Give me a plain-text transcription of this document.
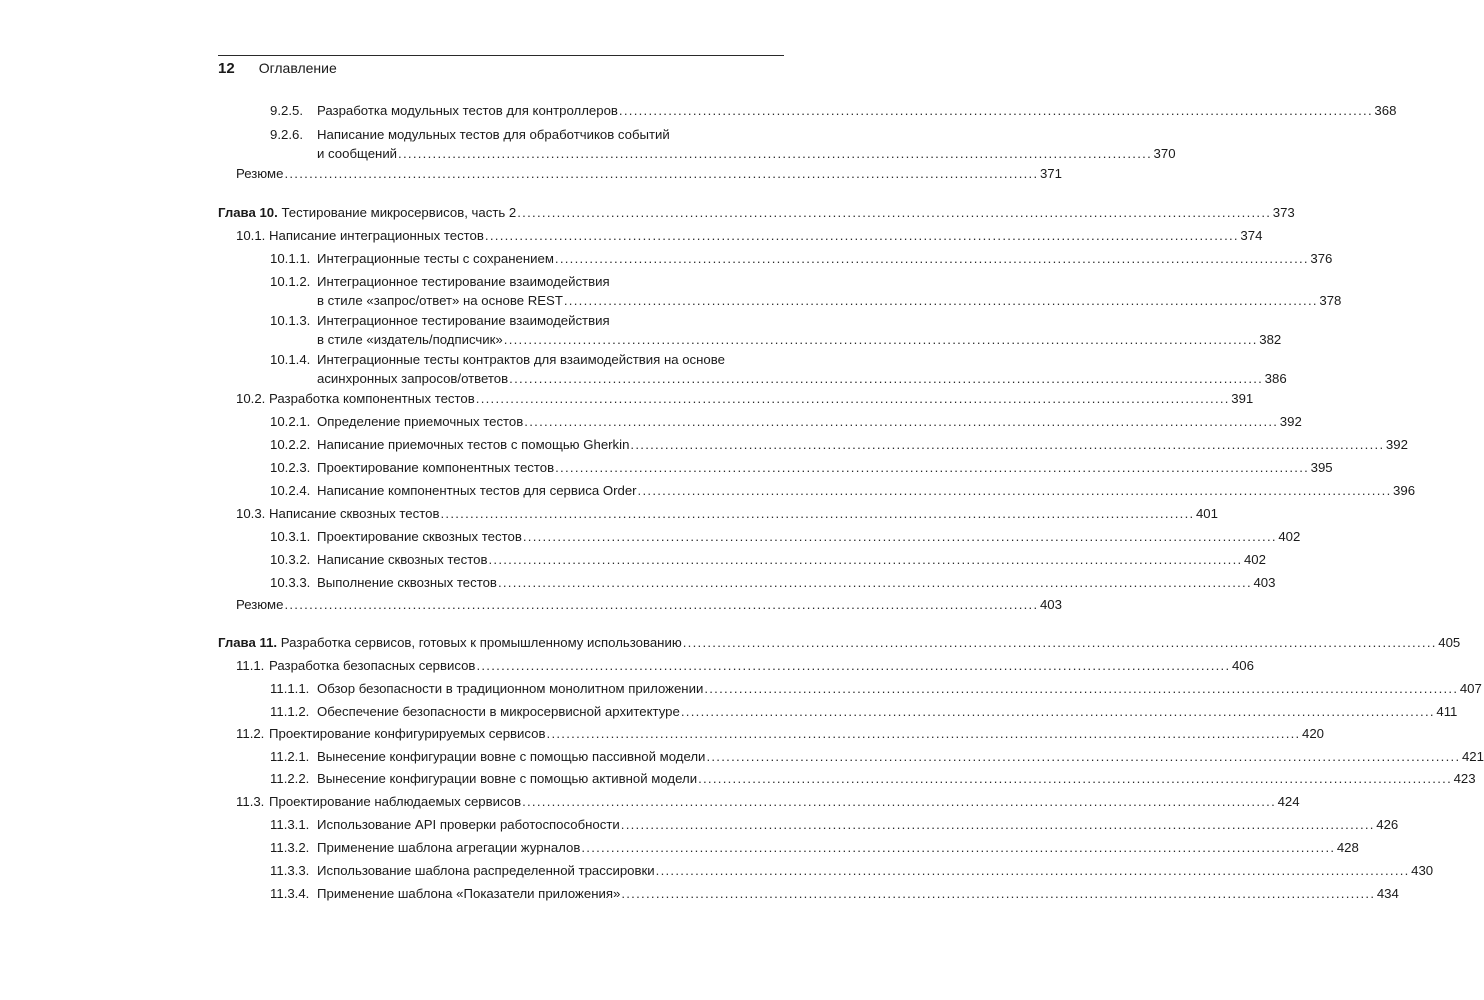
12 Оглавление
9.2.5.	Разработка модульных тестов для контроллеров . . .	368
9.2.6.	Написание модульных тестов для обработчиков событий
и сообщений . . .	370
Резюме . . .	371
Глава 10.
Тестирование микросервисов, часть 2 . . .	373
10.1. Написание интеграционных тестов . . .	374
10.1.1. Интеграционные тесты с сохранением . . .	376
10.1.2. Интеграционное тестирование взаимодействия
в стиле «запрос/ответ» на основе REST . . .	378
10.1.3. Интеграционное тестирование взаимодействия
в стиле «издатель/подписчик» . . .	382
10.1.4. Интеграционные тесты контрактов для взаимодействия на основе
асинхронных запросов/ответов . . .	386
10.2. Разработка компонентных тестов . . .	391
10.2.1. Определение приемочных тестов . . .	392
10.2.2. Написание приемочных тестов с помощью Gherkin . . .	392
10.2.3. Проектирование компонентных тестов . . .	395
10.2.4. Написание компонентных тестов для сервиса Order . . .	396
10.3. Написание сквозных тестов . . .	401
10.3.1. Проектирование сквозных тестов . . .	402
10.3.2. Написание сквозных тестов . . .	402
10.3.3. Выполнение сквозных тестов . . .	403
Резюме . . .	403
Глава 11.
Разработка сервисов, готовых к промышленному использованию . . .	405
11.1. Разработка безопасных сервисов . . .	406
11.1.1. Обзор безопасности в традиционном монолитном приложении . . .	407
11.1.2. Обеспечение безопасности в микросервисной архитектуре . . .	411
11.2. Проектирование конфигурируемых сервисов . . .	420
11.2.1. Вынесение конфигурации вовне с помощью пассивной модели . . .	421
11.2.2. Вынесение конфигурации вовне с помощью активной модели . . .	423
11.3. Проектирование наблюдаемых сервисов . . .	424
11.3.1. Использование API проверки работоспособности . . .	426
11.3.2. Применение шаблона агрегации журналов . . .	428
11.3.3. Использование шаблона распределенной трассировки . . .	430
11.3.4. Применение шаблона «Показатели приложения» . . .	434
